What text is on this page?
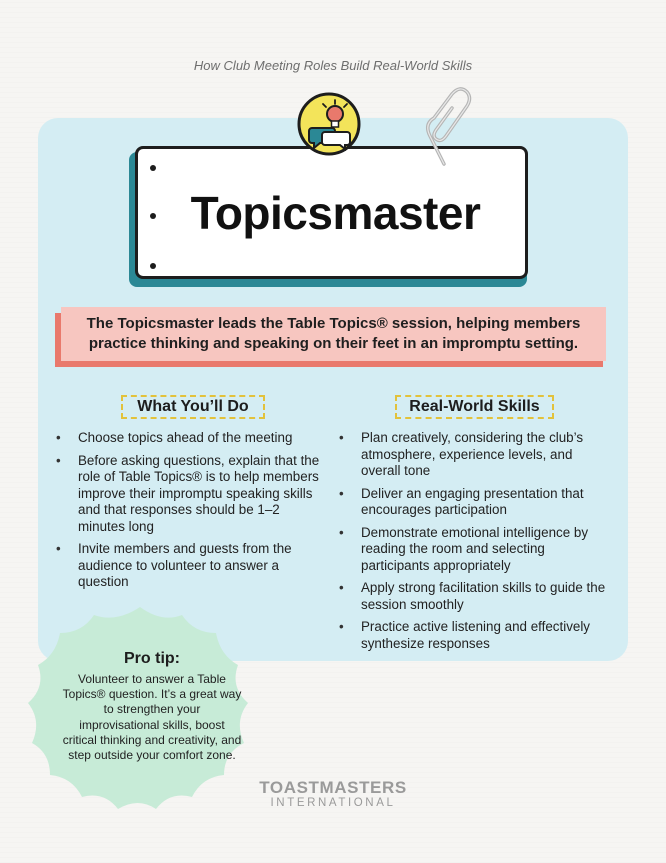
How Club Meeting Roles Build Real-World Skills
Topicsmaster
The Topicsmaster leads the Table Topics® session, helping members
practice thinking and speaking on their feet in an impromptu setting.
What You’ll Do	Real-World Skills
• Choose topics ahead of the meeting
• Before asking questions, explain that the role of Table Topics® is to help members improve their impromptu speaking skills and that responses should be 1–2 minutes long
• Invite members and guests from the audience to volunteer to answer a question
• Plan creatively, considering the club’s atmosphere, experience levels, and overall tone
• Deliver an engaging presentation that encourages participation
• Demonstrate emotional intelligence by reading the room and selecting participants appropriately
• Apply strong facilitation skills to guide the session smoothly
• Practice active listening and effectively synthesize responses
Pro tip:
Volunteer to answer a Table Topics® question. It’s a great way to strengthen your improvisational skills, boost critical thinking and creativity, and step outside your comfort zone.
TOASTMASTERS
INTERNATIONAL
